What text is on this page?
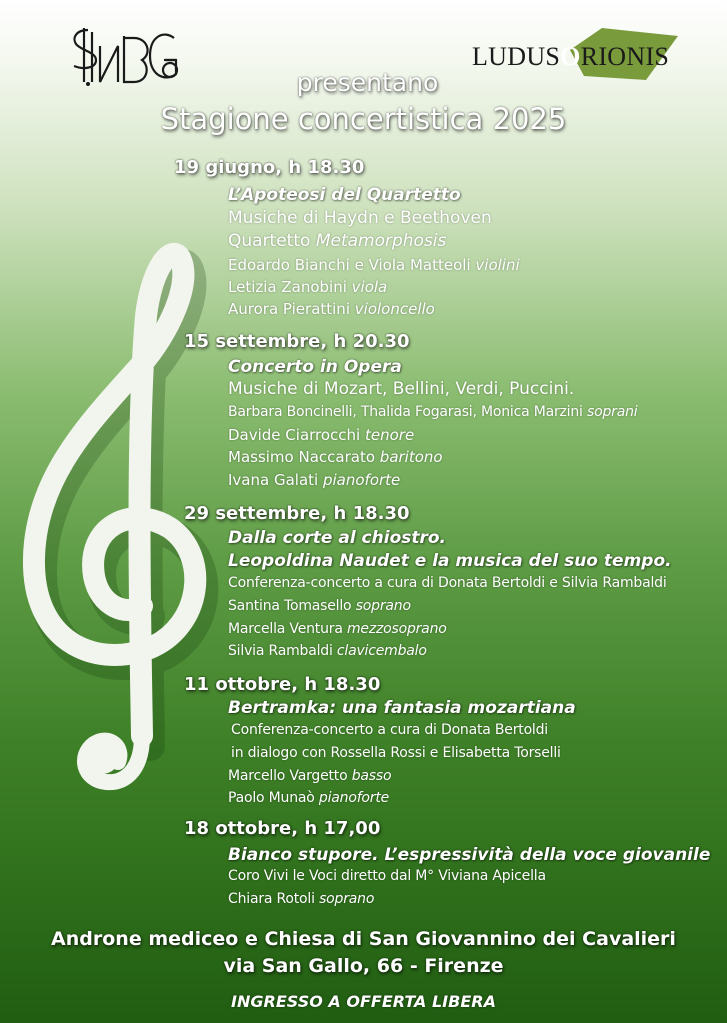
LUDUSORIONIS
presentano
Stagione concertistica 2025
19 giugno, h 18.30
L’Apoteosi del Quartetto
Musiche di Haydn e Beethoven
Quartetto Metamorphosis
Edoardo Bianchi e Viola Matteoli violini
Letizia Zanobini viola
Aurora Pierattini violoncello
15 settembre, h 20.30
Concerto in Opera
Musiche di Mozart, Bellini, Verdi, Puccini.
Barbara Boncinelli, Thalida Fogarasi, Monica Marzini soprani
Davide Ciarrocchi tenore
Massimo Naccarato baritono
Ivana Galati pianoforte
29 settembre, h 18.30
Dalla corte al chiostro.
Leopoldina Naudet e la musica del suo tempo.
Conferenza-concerto a cura di Donata Bertoldi e Silvia Rambaldi
Santina Tomasello soprano
Marcella Ventura mezzosoprano
Silvia Rambaldi clavicembalo
11 ottobre, h 18.30
Bertramka: una fantasia mozartiana
Conferenza-concerto a cura di Donata Bertoldi
in dialogo con Rossella Rossi e Elisabetta Torselli
Marcello Vargetto basso
Paolo Munaò pianoforte
18 ottobre, h 17,00
Bianco stupore. L’espressività della voce giovanile
Coro Vivi le Voci diretto dal M° Viviana Apicella
Chiara Rotoli soprano
Androne mediceo e Chiesa di San Giovannino dei Cavalieri
via San Gallo, 66 - Firenze
INGRESSO A OFFERTA LIBERA
